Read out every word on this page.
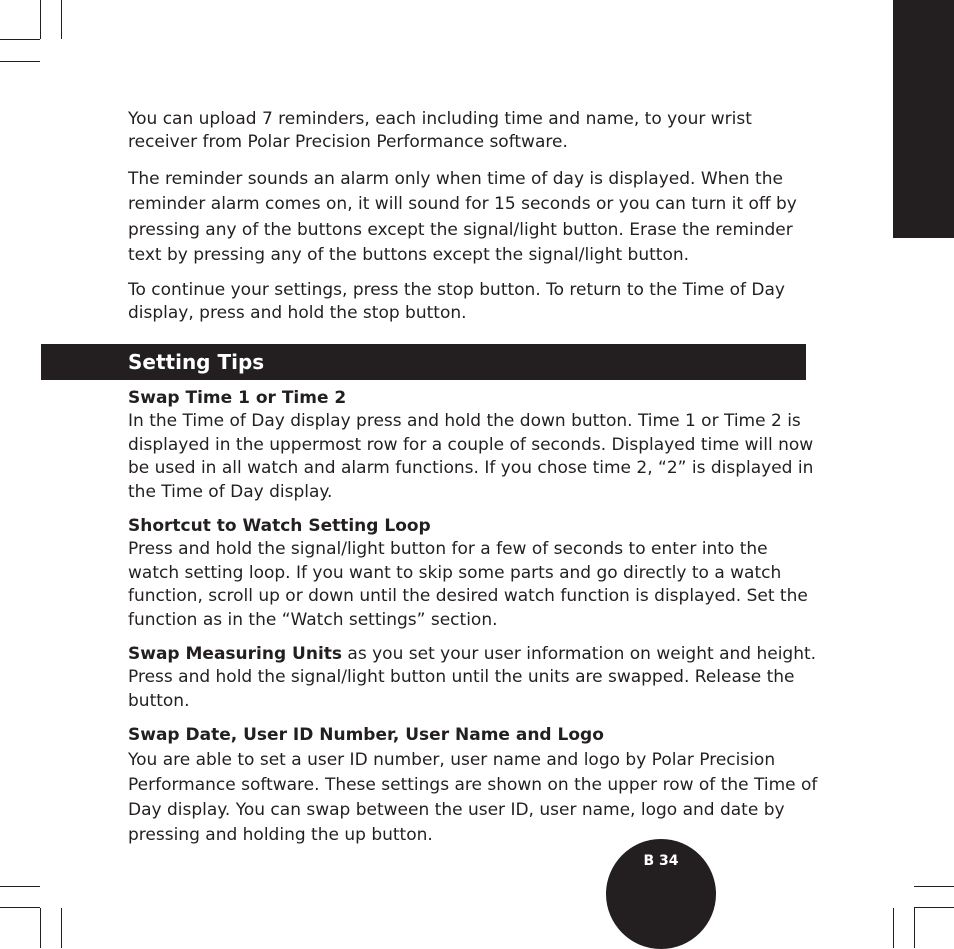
You can upload 7 reminders, each including time and name, to your wrist receiver from Polar Precision Performance software.

The reminder sounds an alarm only when time of day is displayed. When the reminder alarm comes on, it will sound for 15 seconds or you can turn it off by pressing any of the buttons except the signal/light button. Erase the reminder text by pressing any of the buttons except the signal/light button.

To continue your settings, press the stop button. To return to the Time of Day display, press and hold the stop button.

Setting Tips

Swap Time 1 or Time 2

In the Time of Day display press and hold the down button. Time 1 or Time 2 is displayed in the uppermost row for a couple of seconds. Displayed time will now be used in all watch and alarm functions. If you chose time 2, “2” is displayed in the Time of Day display.

Shortcut to Watch Setting Loop

Press and hold the signal/light button for a few of seconds to enter into the watch setting loop. If you want to skip some parts and go directly to a watch function, scroll up or down until the desired watch function is displayed. Set the function as in the “Watch settings” section.

Swap Measuring Units as you set your user information on weight and height. Press and hold the signal/light button until the units are swapped. Release the button.

Swap Date, User ID Number, User Name and Logo

You are able to set a user ID number, user name and logo by Polar Precision Performance software. These settings are shown on the upper row of the Time of Day display. You can swap between the user ID, user name, logo and date by pressing and holding the up button.

B 34
